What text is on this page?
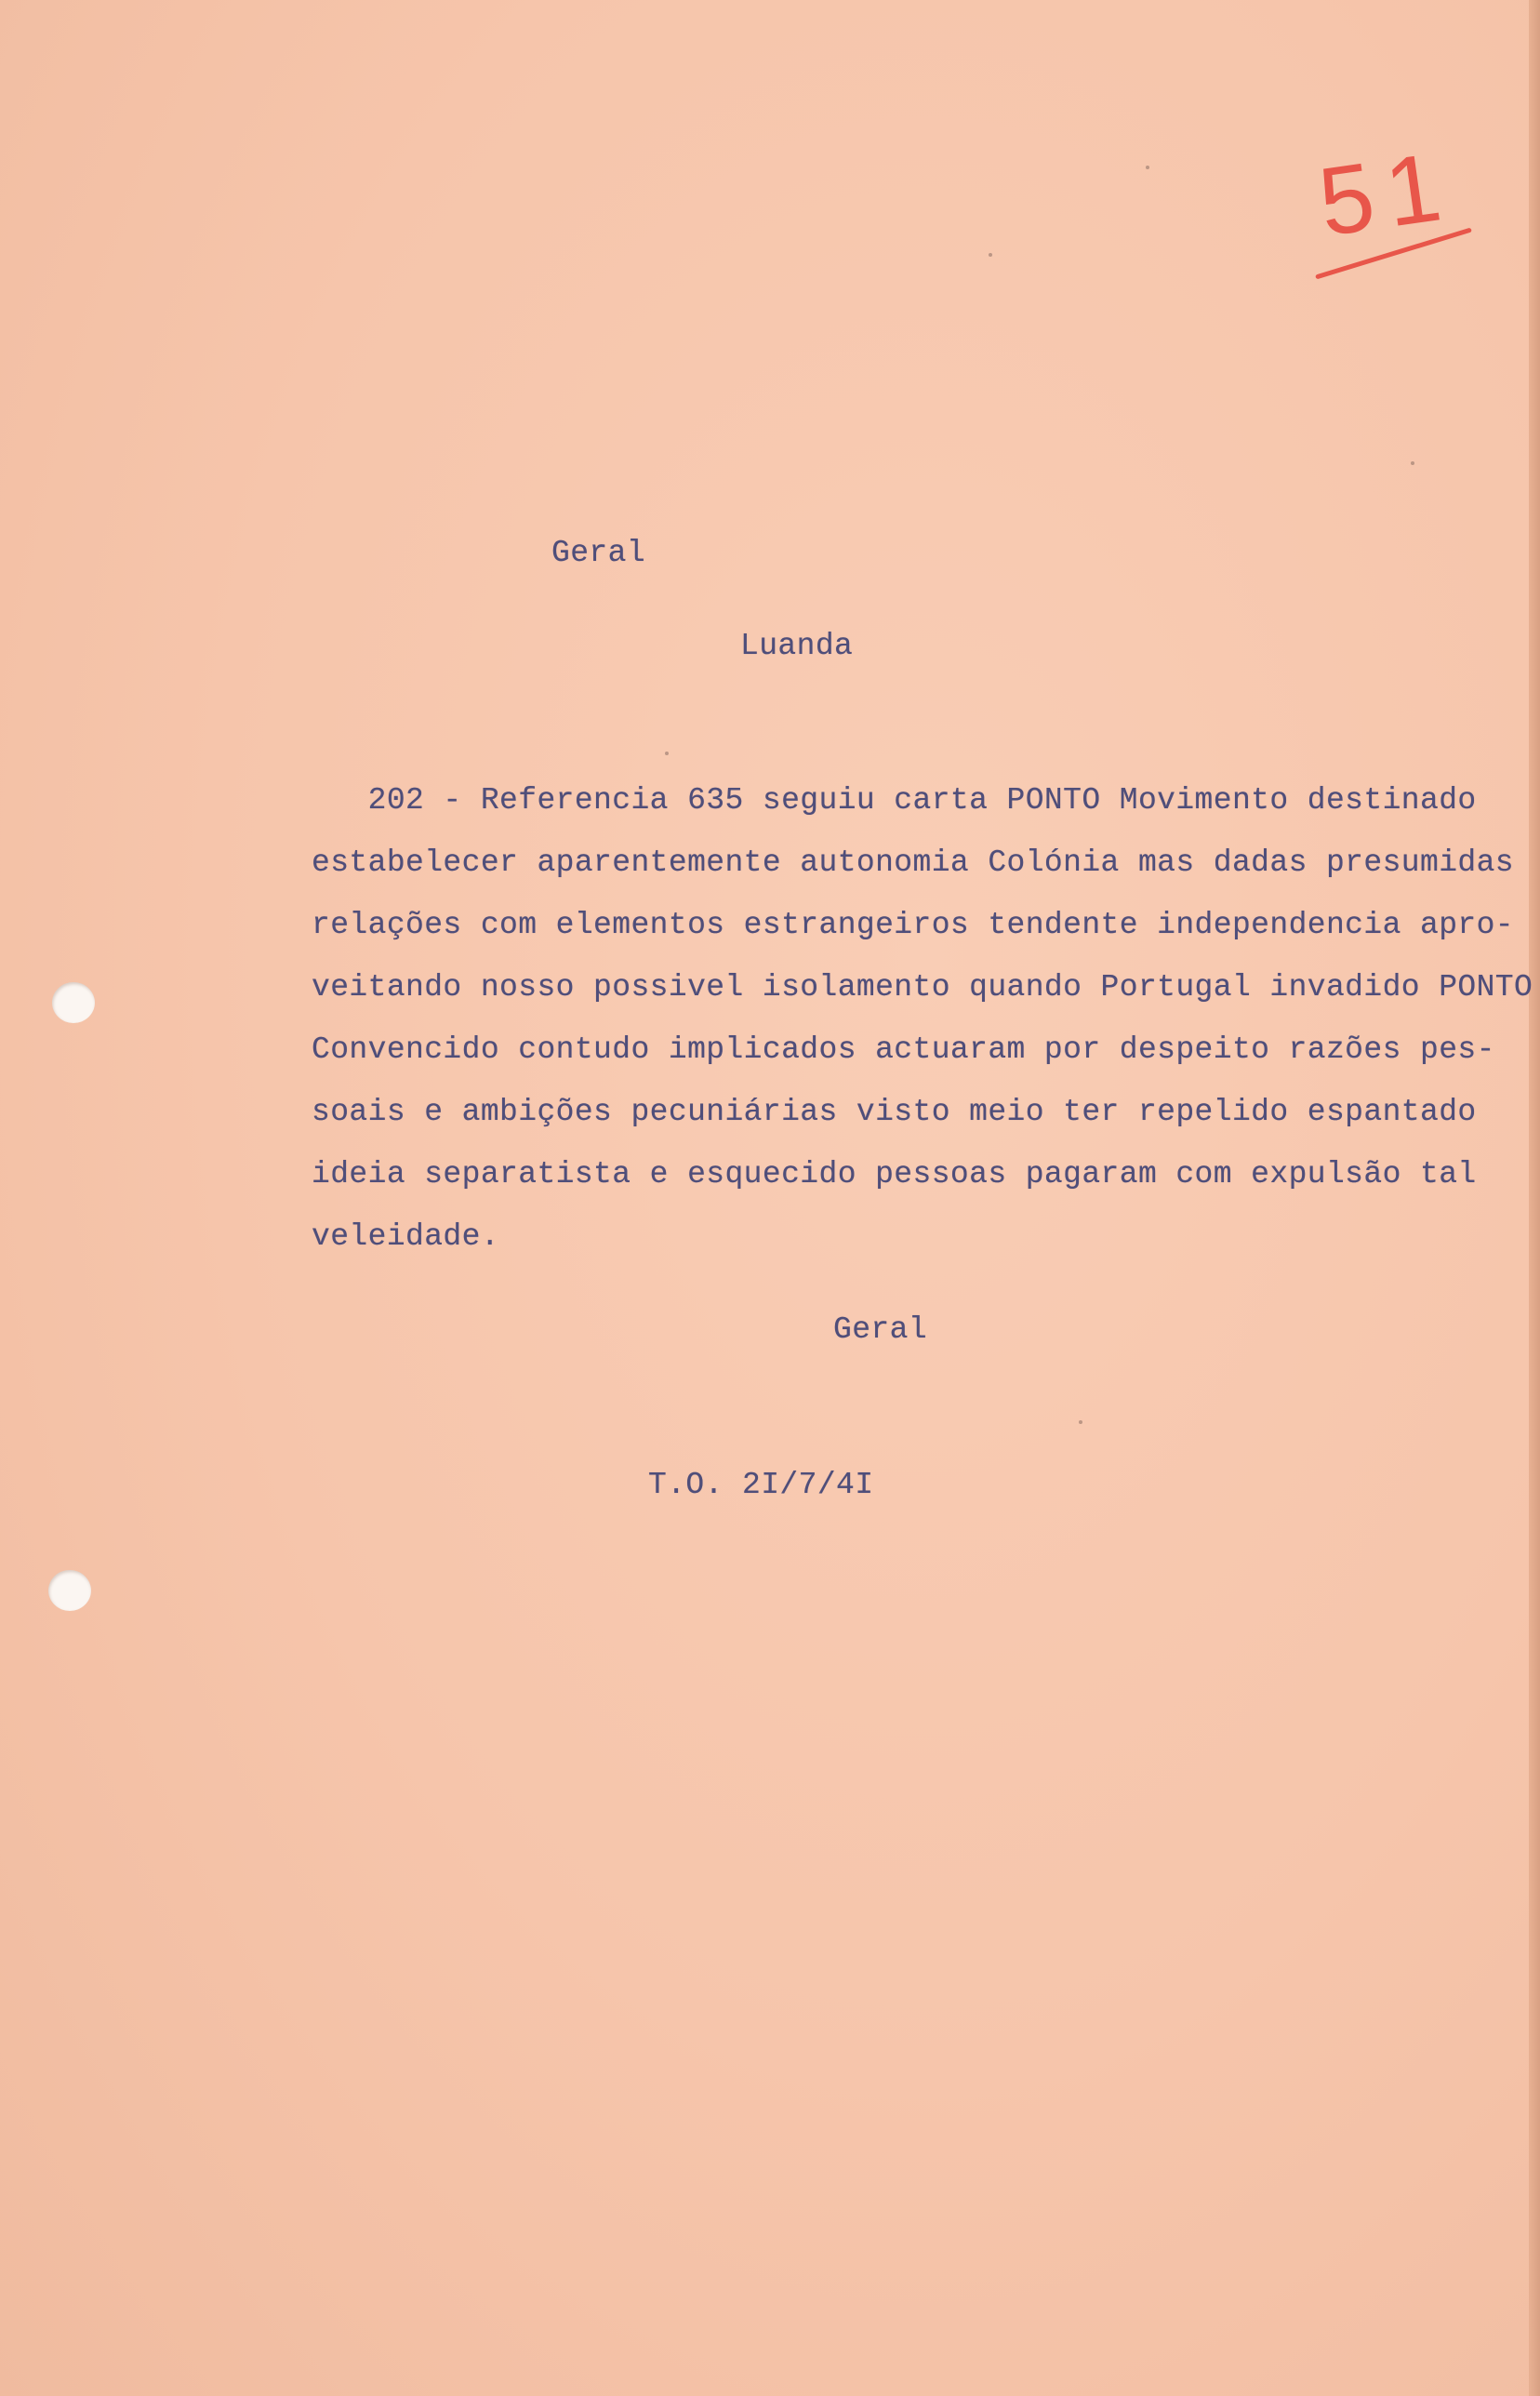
51
Geral
Luanda
202 - Referencia 635 seguiu carta PONTO Movimento destinado
estabelecer aparentemente autonomia Colónia mas dadas presumidas
relações com elementos estrangeiros tendente independencia apro-
veitando nosso possivel isolamento quando Portugal invadido PONTO
Convencido contudo implicados actuaram por despeito razões pes-
soais e ambições pecuniárias visto meio ter repelido espantado
ideia separatista e esquecido pessoas pagaram com expulsão tal
veleidade.
Geral
T.O. 2I/7/4I
